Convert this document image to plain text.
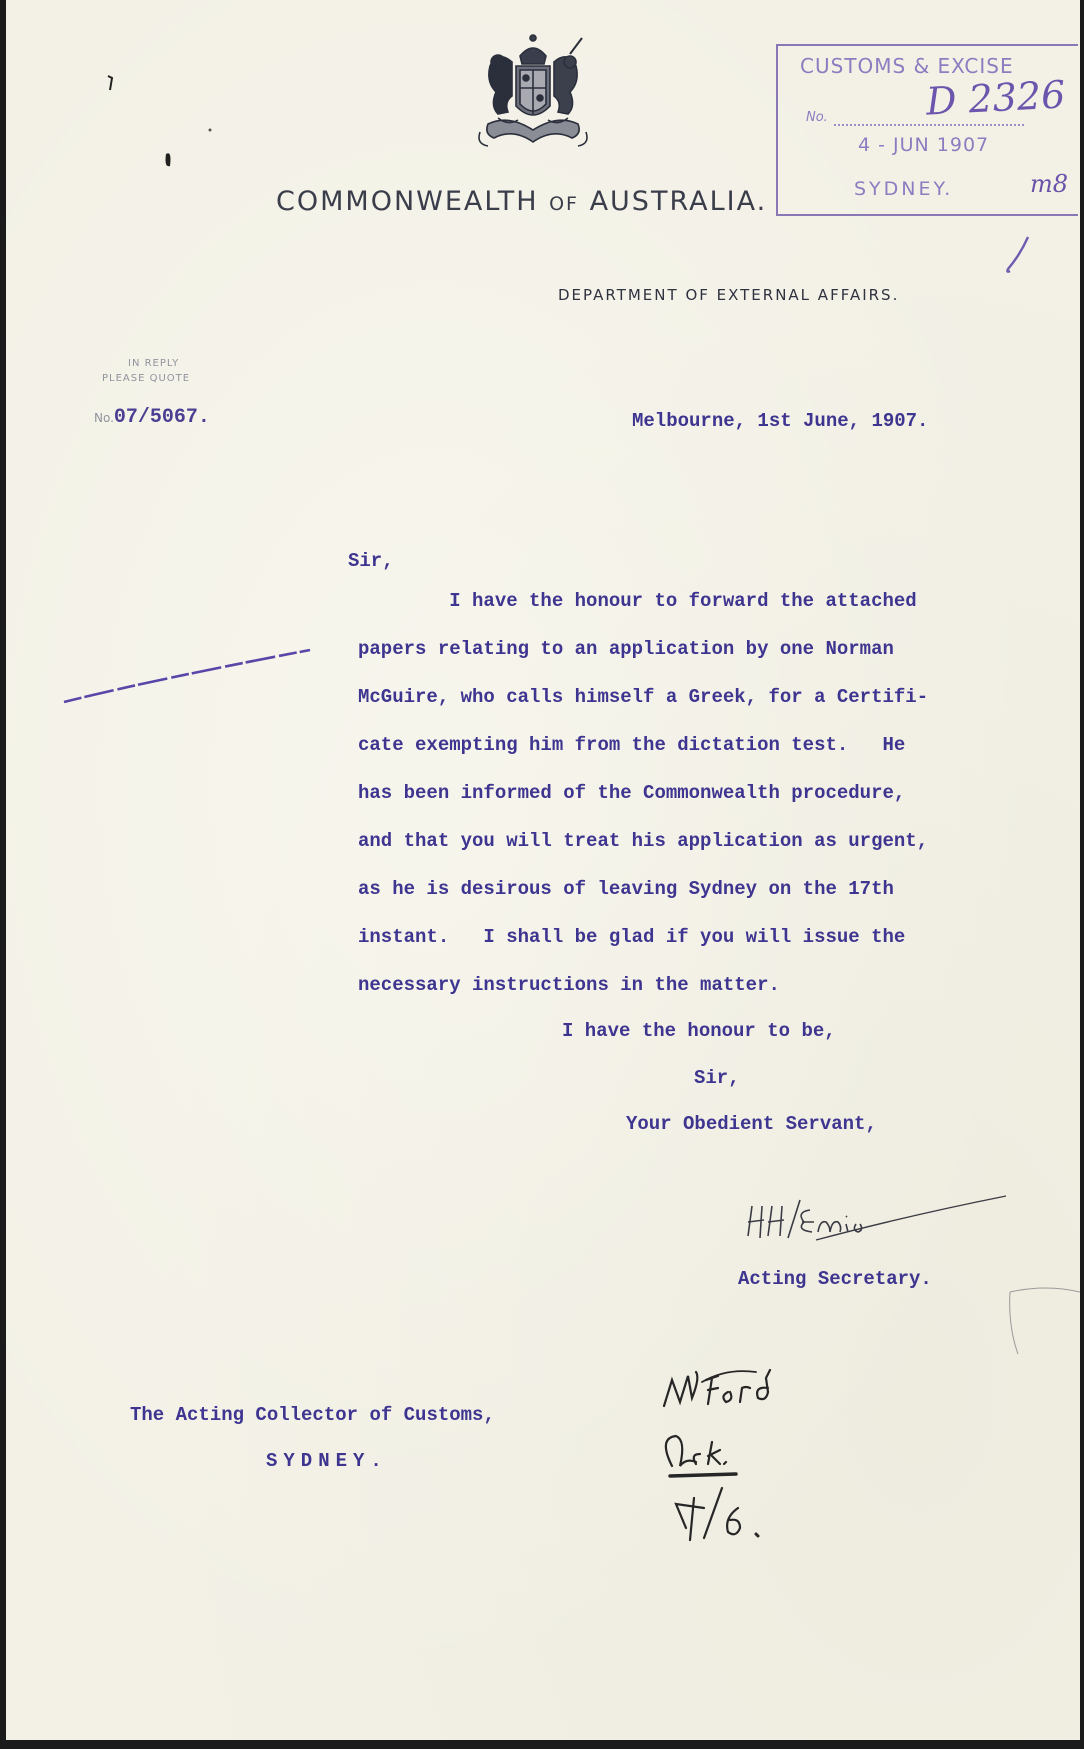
COMMONWEALTH OF AUSTRALIA.
DEPARTMENT OF EXTERNAL AFFAIRS.
CUSTOMS & EXCISE
No.	D 2326
4 - JUN 1907
SYDNEY.	m8
IN REPLY
PLEASE QUOTE
No.07/5067.	Melbourne, 1st June, 1907.
Sir,
I have the honour to forward the attached
papers relating to an application by one Norman
McGuire, who calls himself a Greek, for a Certifi-
cate exempting him from the dictation test.   He
has been informed of the Commonwealth procedure,
and that you will treat his application as urgent,
as he is desirous of leaving Sydney on the 17th
instant.   I shall be glad if you will issue the
necessary instructions in the matter.
I have the honour to be,
Sir,
Your Obedient Servant,
Acting Secretary.
The Acting Collector of Customs,
SYDNEY.
